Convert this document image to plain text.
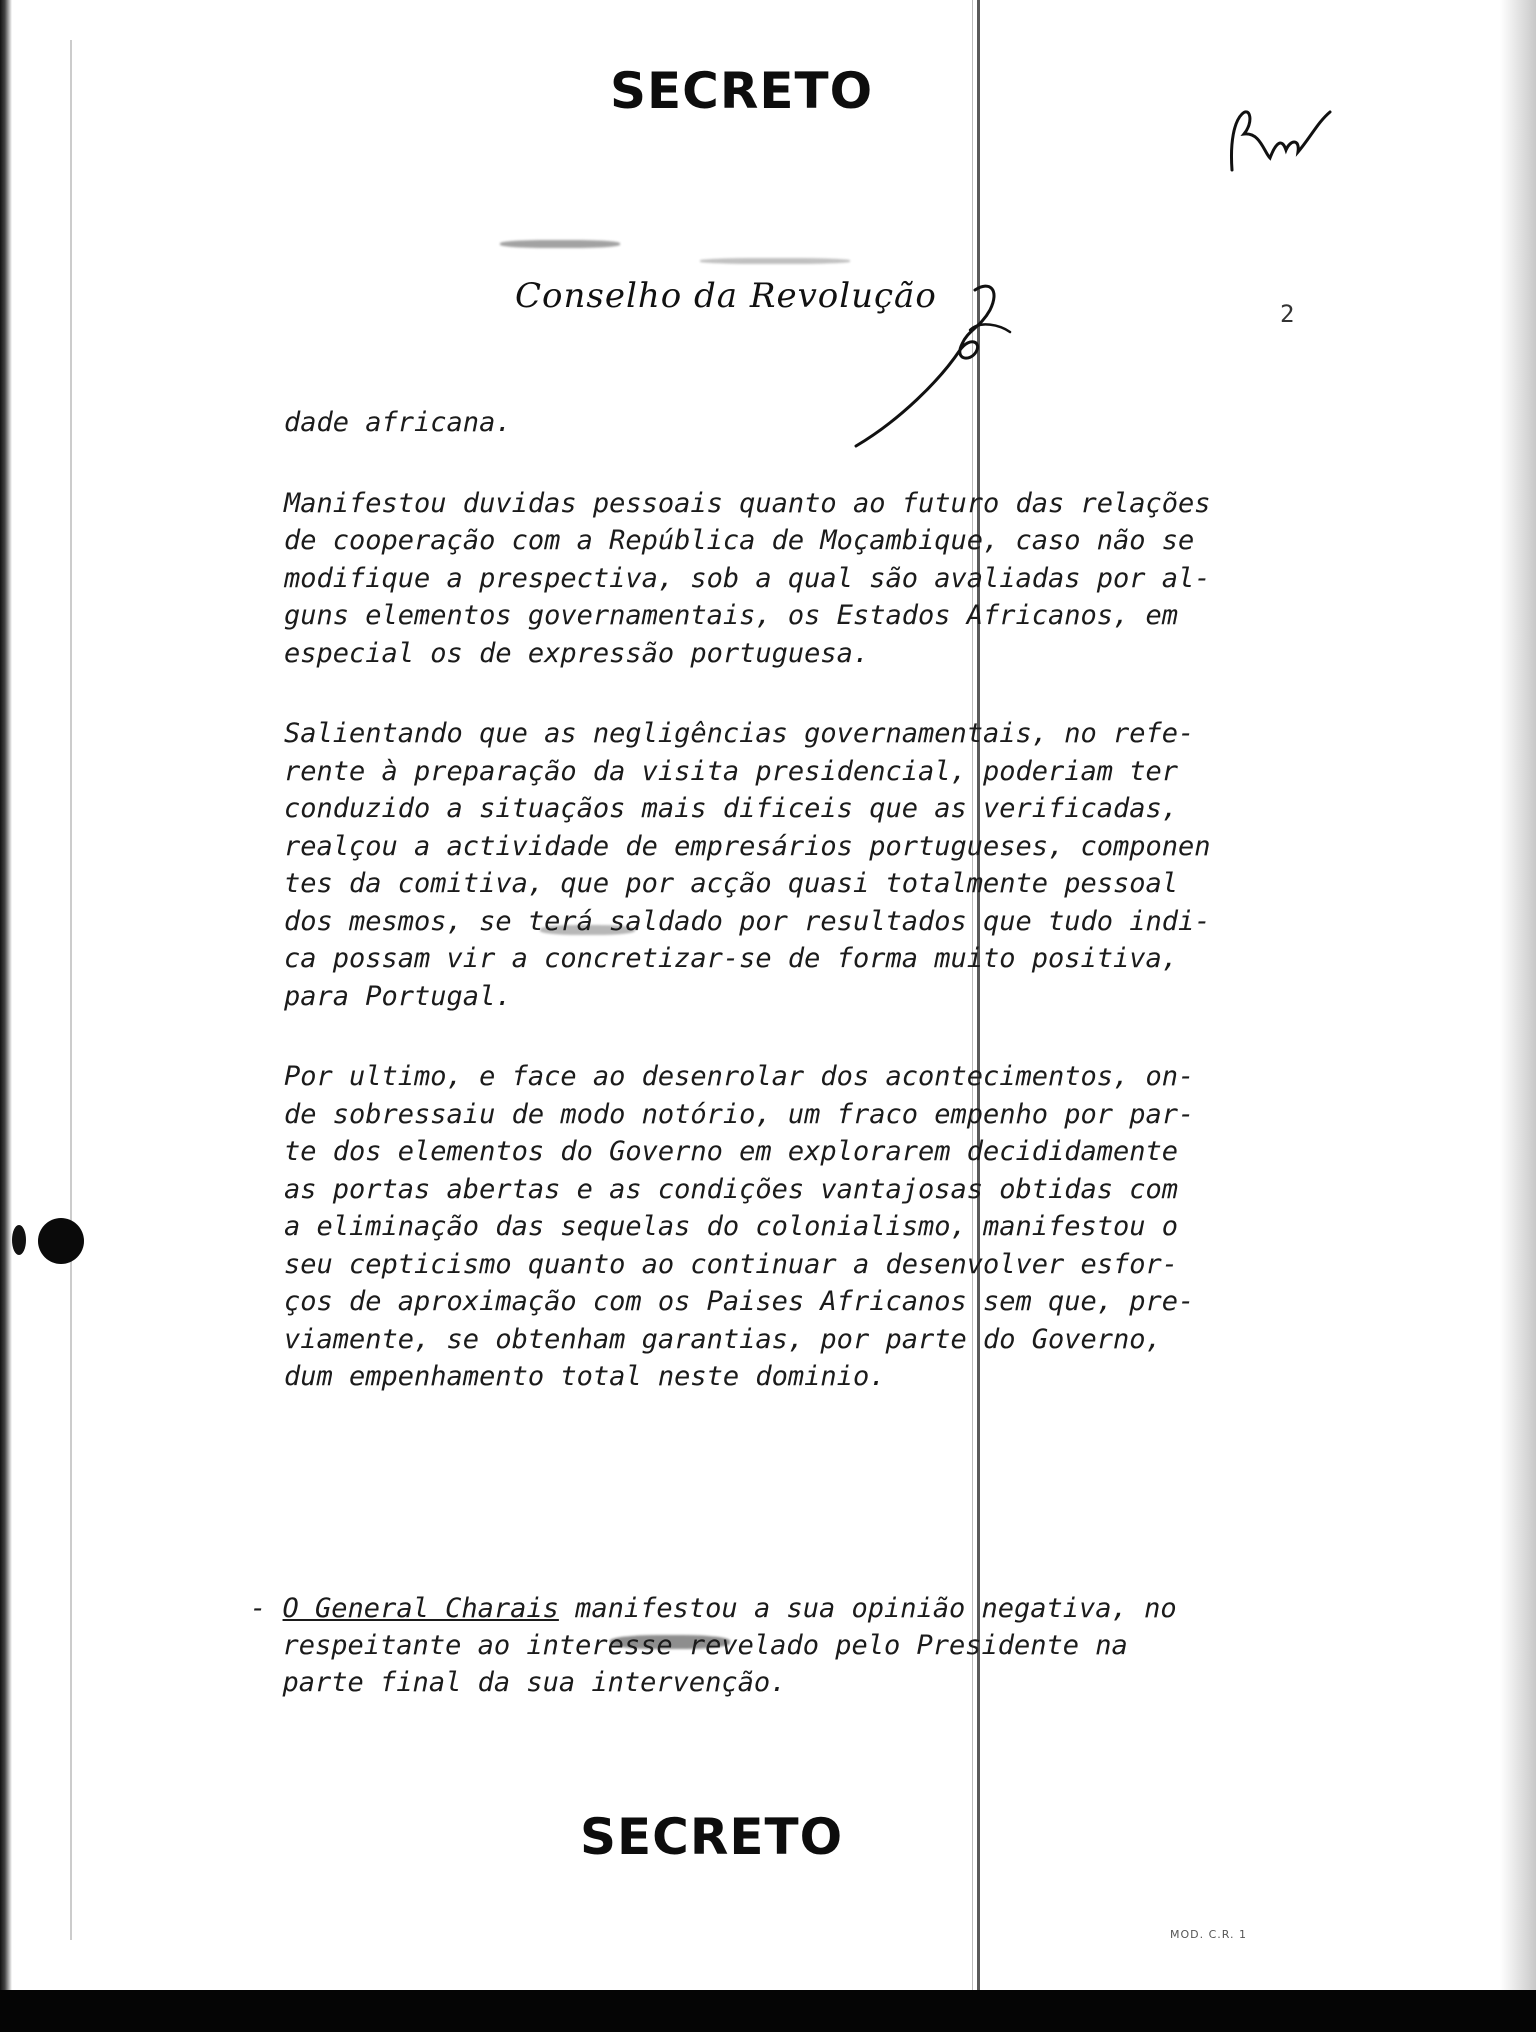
SECRETO
Conselho da Revolução	2

dade africana.

Manifestou duvidas pessoais quanto ao futuro das relações
de cooperação com a República de Moçambique, caso não se
modifique a prespectiva, sob a qual são avaliadas por al-
guns elementos governamentais, os Estados Africanos, em
especial os de expressão portuguesa.

Salientando que as negligências governamentais, no refe-
rente à preparação da visita presidencial, poderiam ter
conduzido a situaçãos mais dificeis que as verificadas,
realçou a actividade de empresários portugueses, componen
tes da comitiva, que por acção quasi totalmente pessoal
dos mesmos, se terá saldado por resultados que tudo indi-
ca possam vir a concretizar-se de forma muito positiva,
para Portugal.

Por ultimo, e face ao desenrolar dos acontecimentos, on-
de sobressaiu de modo notório, um fraco empenho por par-
te dos elementos do Governo em explorarem decididamente
as portas abertas e as condições vantajosas obtidas com
a eliminação das sequelas do colonialismo, manifestou o
seu cepticismo quanto ao continuar a desenvolver esfor-
ços de aproximação com os Paises Africanos sem que, pre-
viamente, se obtenham garantias, por parte do Governo,
dum empenhamento total neste dominio.

- O General Charais manifestou a sua opinião negativa, no
respeitante ao interesse revelado pelo Presidente na
parte final da sua intervenção.
SECRETO
MOD. C.R. 1
